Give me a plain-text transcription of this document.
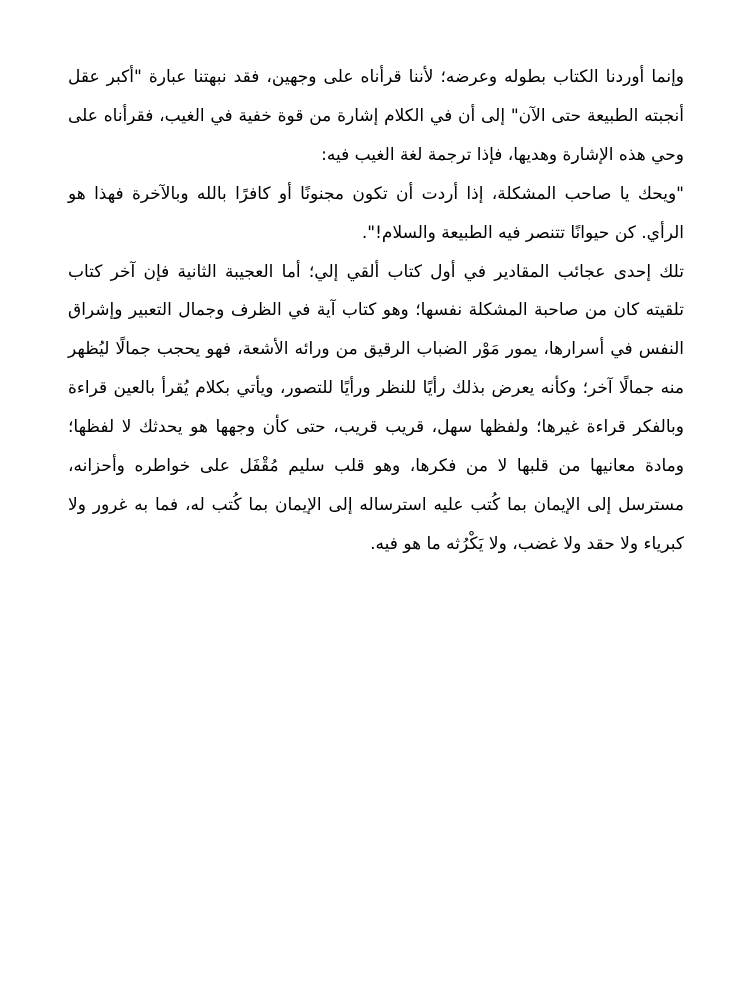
وإنما أوردنا الكتاب بطوله وعرضه؛ لأننا قرأناه على وجهين، فقد نبهتنا عبارة "أكبر عقل أنجبته الطبيعة حتى الآن" إلى أن في الكلام إشارة من قوة خفية في الغيب، فقرأناه على وحي هذه الإشارة وهديها، فإذا ترجمة لغة الغيب فيه:

"ويحك يا صاحب المشكلة، إذا أردت أن تكون مجنونًا أو كافرًا بالله وبالآخرة فهذا هو الرأي. كن حيوانًا تتنصر فيه الطبيعة والسلام!".

تلك إحدى عجائب المقادير في أول كتاب ألقي إلي؛ أما العجيبة الثانية فإن آخر كتاب تلقيته كان من صاحبة المشكلة نفسها؛ وهو كتاب آية في الظرف وجمال التعبير وإشراق النفس في أسرارها، يمور مَوْر الضباب الرقيق من ورائه الأشعة، فهو يحجب جمالًا ليُظهر منه جمالًا آخر؛ وكأنه يعرض بذلك رأيًا للنظر ورأيًا للتصور، ويأتي بكلام يُقرأ بالعين قراءة وبالفكر قراءة غيرها؛ ولفظها سهل، قريب قريب، حتى كأن وجهها هو يحدثك لا لفظها؛ ومادة معانيها من قلبها لا من فكرها، وهو قلب سليم مُقْفَل على خواطره وأحزانه، مسترسل إلى الإيمان بما كُتب عليه استرساله إلى الإيمان بما كُتب له، فما به غرور ولا كبرياء ولا حقد ولا غضب، ولا يَكْرُثه ما هو فيه.
